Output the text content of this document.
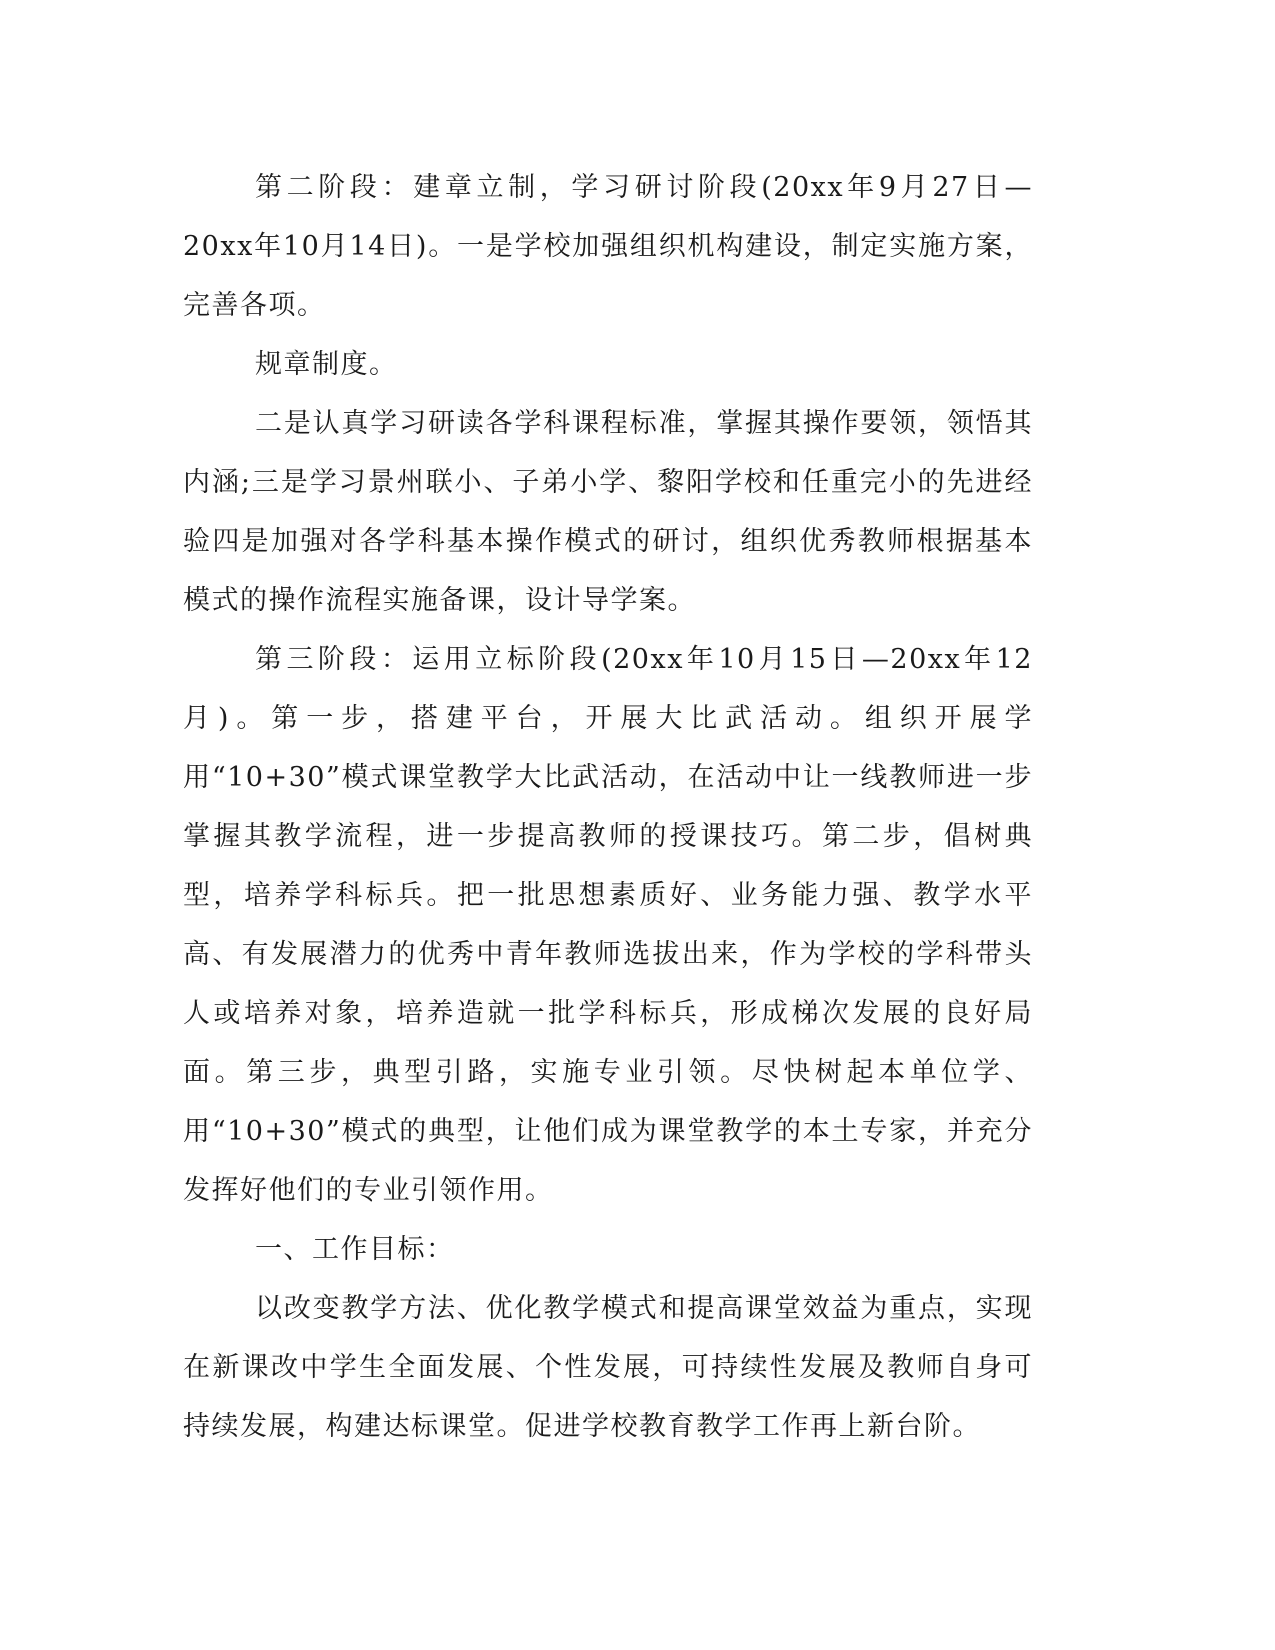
第二阶段：建章立制，学习研讨阶段(20xx年9月27日—20xx年10月14日)。一是学校加强组织机构建设，制定实施方案，完善各项。

规章制度。

二是认真学习研读各学科课程标准，掌握其操作要领，领悟其内涵;三是学习景州联小、子弟小学、黎阳学校和任重完小的先进经验四是加强对各学科基本操作模式的研讨，组织优秀教师根据基本模式的操作流程实施备课，设计导学案。

第三阶段：运用立标阶段(20xx年10月15日—20xx年12月)。第一步，搭建平台，开展大比武活动。组织开展学用“10+30”模式课堂教学大比武活动，在活动中让一线教师进一步掌握其教学流程，进一步提高教师的授课技巧。第二步，倡树典型，培养学科标兵。把一批思想素质好、业务能力强、教学水平高、有发展潜力的优秀中青年教师选拔出来，作为学校的学科带头人或培养对象，培养造就一批学科标兵，形成梯次发展的良好局面。第三步，典型引路，实施专业引领。尽快树起本单位学、用“10+30”模式的典型，让他们成为课堂教学的本土专家，并充分发挥好他们的专业引领作用。

一、工作目标：

以改变教学方法、优化教学模式和提高课堂效益为重点，实现在新课改中学生全面发展、个性发展，可持续性发展及教师自身可持续发展，构建达标课堂。促进学校教育教学工作再上新台阶。
